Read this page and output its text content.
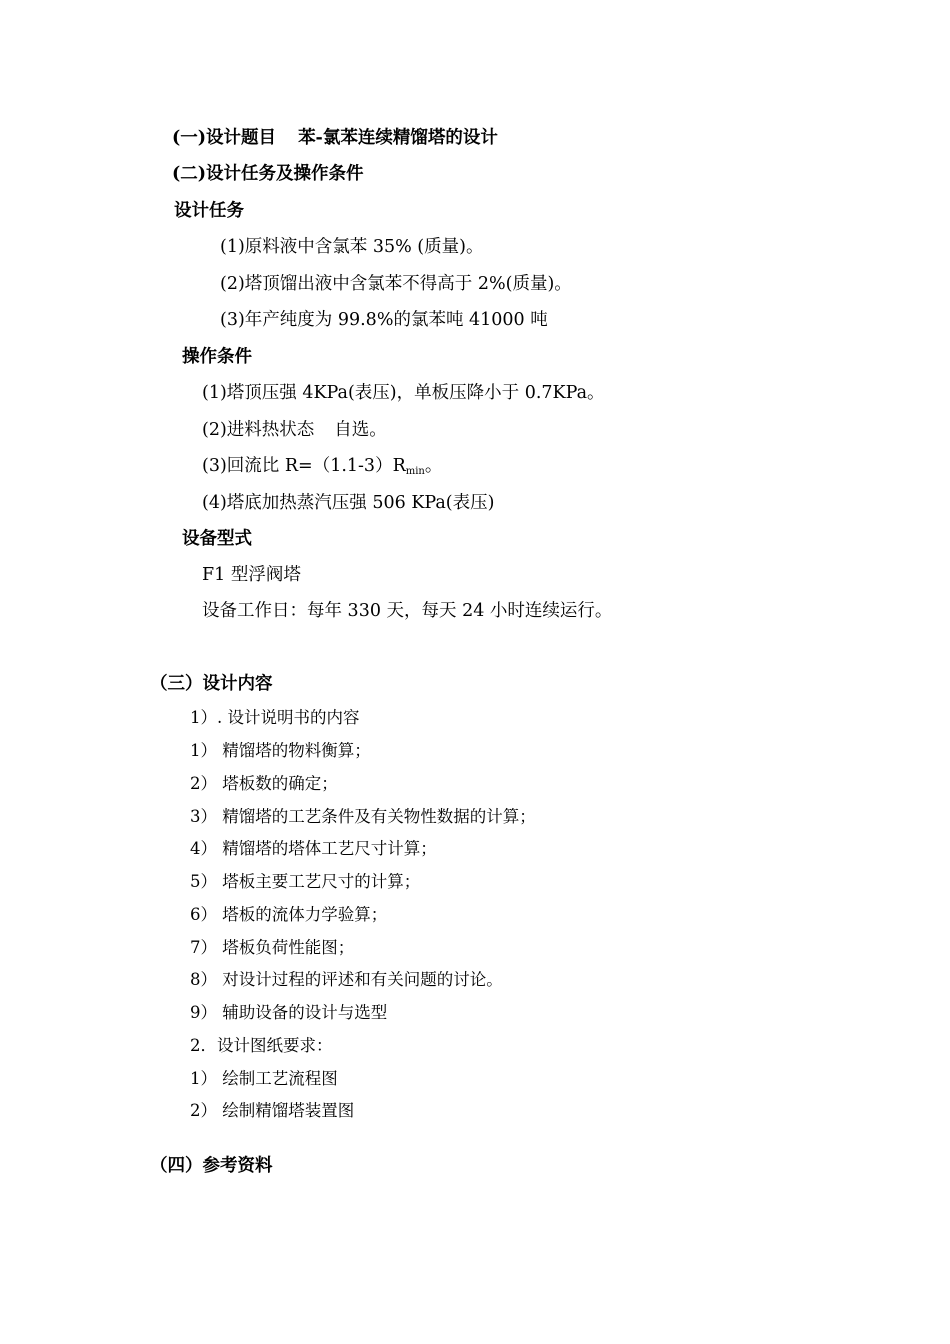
(一)设计题目 苯-氯苯连续精馏塔的设计
(二)设计任务及操作条件
设计任务
(1)原料液中含氯苯 35% (质量)。
(2)塔顶馏出液中含氯苯不得高于 2%(质量)。
(3)年产纯度为 99.8%的氯苯吨 41000 吨
操作条件
(1)塔顶压强 4KPa(表压)，单板压降小于 0.7KPa。
(2)进料热状态 自选。
(3)回流比 $R=(1.1-3)R_{min}$。
(4)塔底加热蒸汽压强 506 KPa(表压)
设备型式
F1 型浮阀塔
设备工作日：每年 330 天，每天 24 小时连续运行。
（三）设计内容
1）. 设计说明书的内容
1） 精馏塔的物料衡算；
2） 塔板数的确定；
3） 精馏塔的工艺条件及有关物性数据的计算；
4） 精馏塔的塔体工艺尺寸计算；
5） 塔板主要工艺尺寸的计算；
6） 塔板的流体力学验算；
7） 塔板负荷性能图；
8） 对设计过程的评述和有关问题的讨论。
9） 辅助设备的设计与选型
2．设计图纸要求：
1） 绘制工艺流程图
2） 绘制精馏塔装置图
（四）参考资料
